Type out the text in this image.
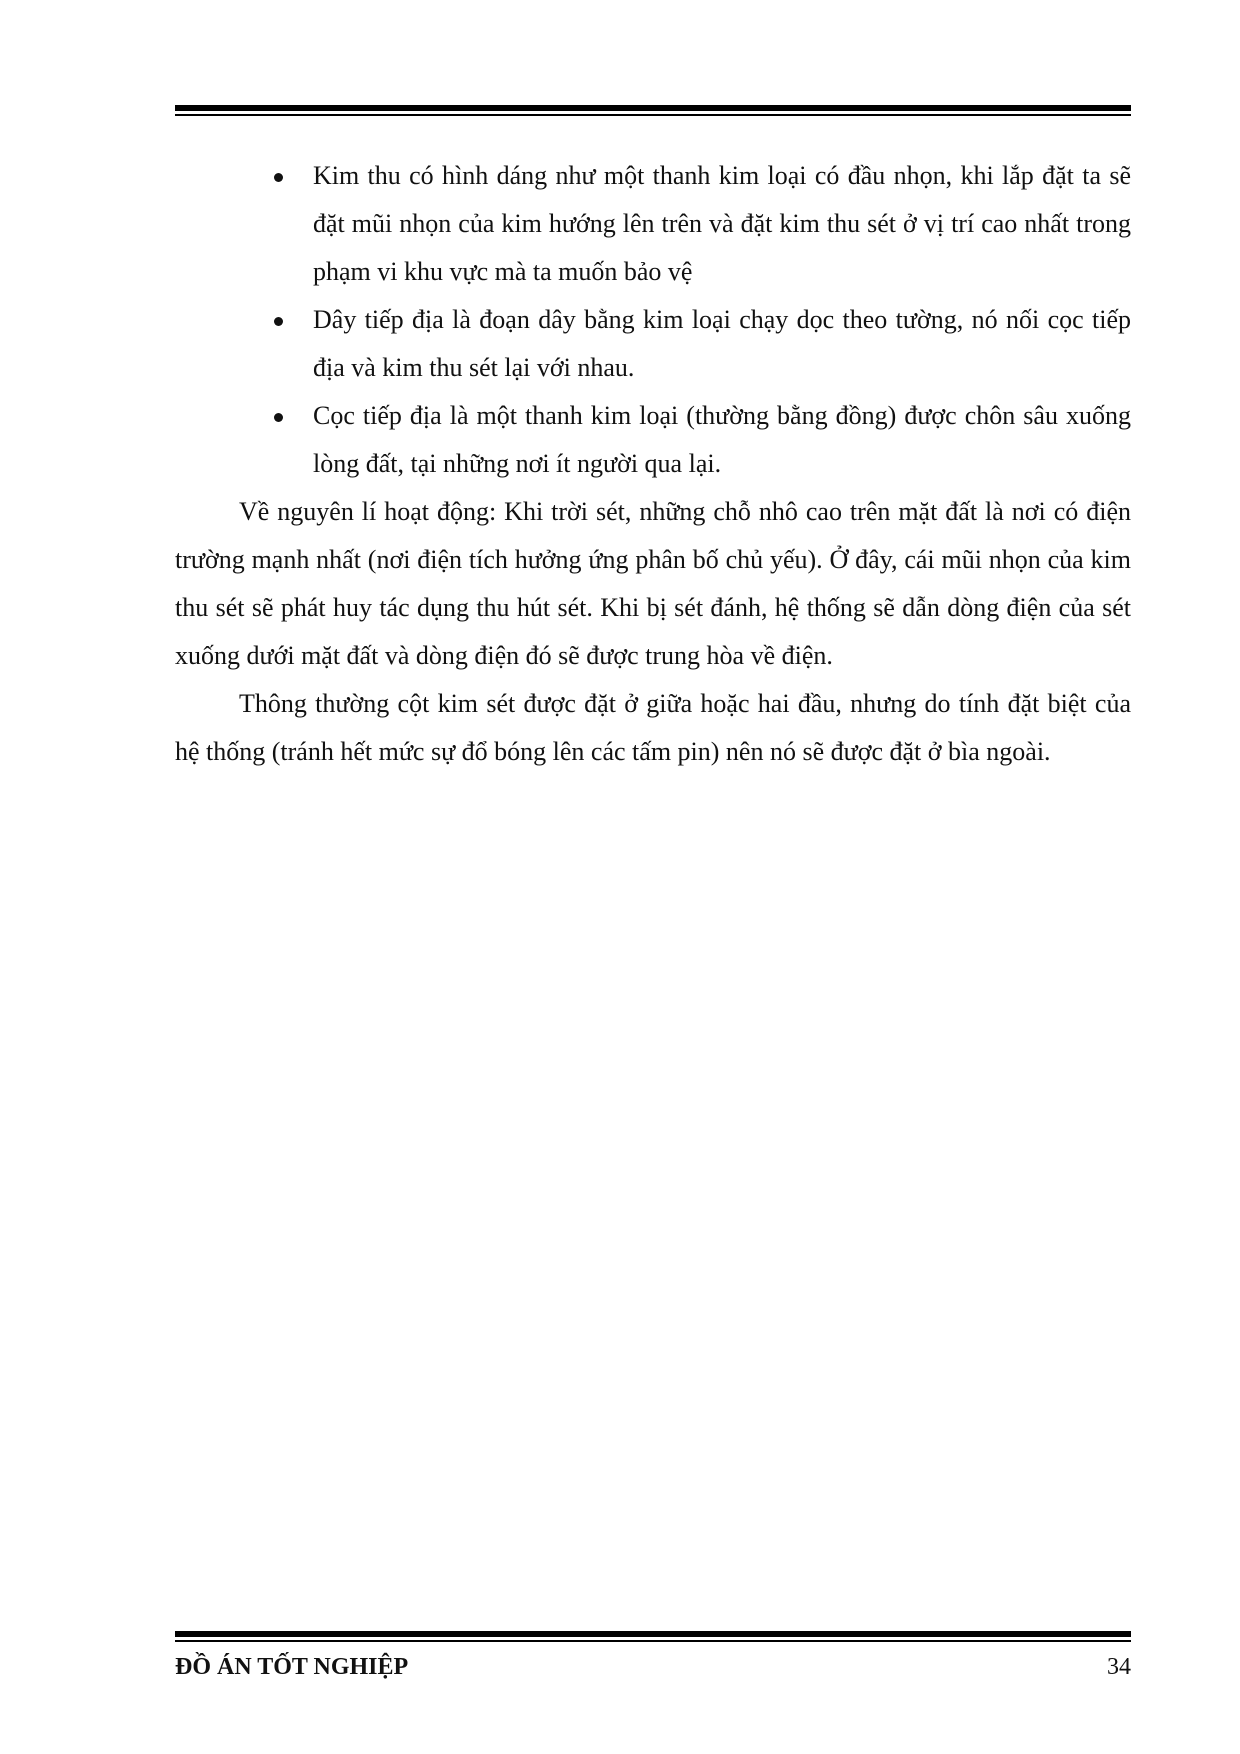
Kim thu có hình dáng như một thanh kim loại có đầu nhọn, khi lắp đặt ta sẽ đặt mũi nhọn của kim hướng lên trên và đặt kim thu sét ở vị trí cao nhất trong phạm vi khu vực mà ta muốn bảo vệ
Dây tiếp địa là đoạn dây bằng kim loại chạy dọc theo tường, nó nối cọc tiếp địa và kim thu sét lại với nhau.
Cọc tiếp địa là một thanh kim loại (thường bằng đồng) được chôn sâu xuống lòng đất, tại những nơi ít người qua lại.

Về nguyên lí hoạt động: Khi trời sét, những chỗ nhô cao trên mặt đất là nơi có điện trường mạnh nhất (nơi điện tích hưởng ứng phân bố chủ yếu). Ở đây, cái mũi nhọn của kim thu sét sẽ phát huy tác dụng thu hút sét. Khi bị sét đánh, hệ thống sẽ dẫn dòng điện của sét xuống dưới mặt đất và dòng điện đó sẽ được trung hòa về điện.

Thông thường cột kim sét được đặt ở giữa hoặc hai đầu, nhưng do tính đặt biệt của hệ thống (tránh hết mức sự đổ bóng lên các tấm pin) nên nó sẽ được đặt ở bìa ngoài.

ĐỒ ÁN TỐT NGHIỆP	34
